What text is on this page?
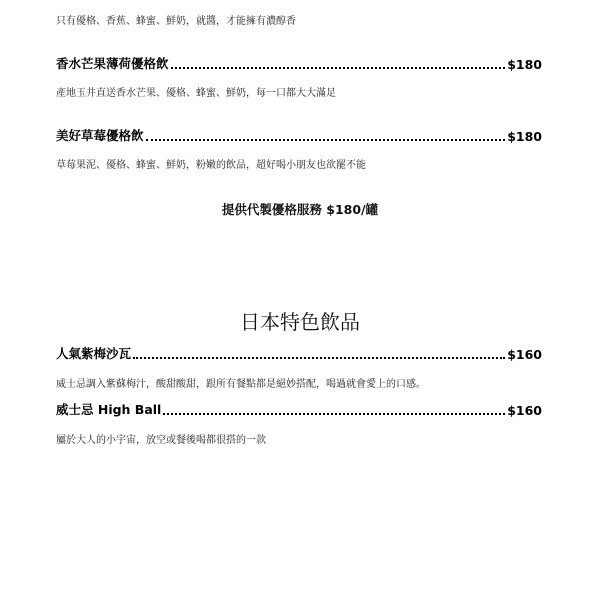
只有優格、香蕉、蜂蜜、鮮奶，就醬，才能擁有濃醇香
香水芒果薄荷優格飲	$180
產地玉井直送香水芒果、優格、蜂蜜、鮮奶，每一口都大大滿足
美好草莓優格飲	$180
草莓果泥、優格、蜂蜜、鮮奶，粉嫩的飲品，超好喝小朋友也欲罷不能
提供代製優格服務 $180/罐
日本特色飲品
人氣紫梅沙瓦	$160
威士忌調入紫蘇梅汁，酸甜酸甜，跟所有餐點都是絕妙搭配，喝過就會愛上的口感。
威士忌 High Ball	$160
屬於大人的小宇宙，放空或餐後喝都很搭的一款
